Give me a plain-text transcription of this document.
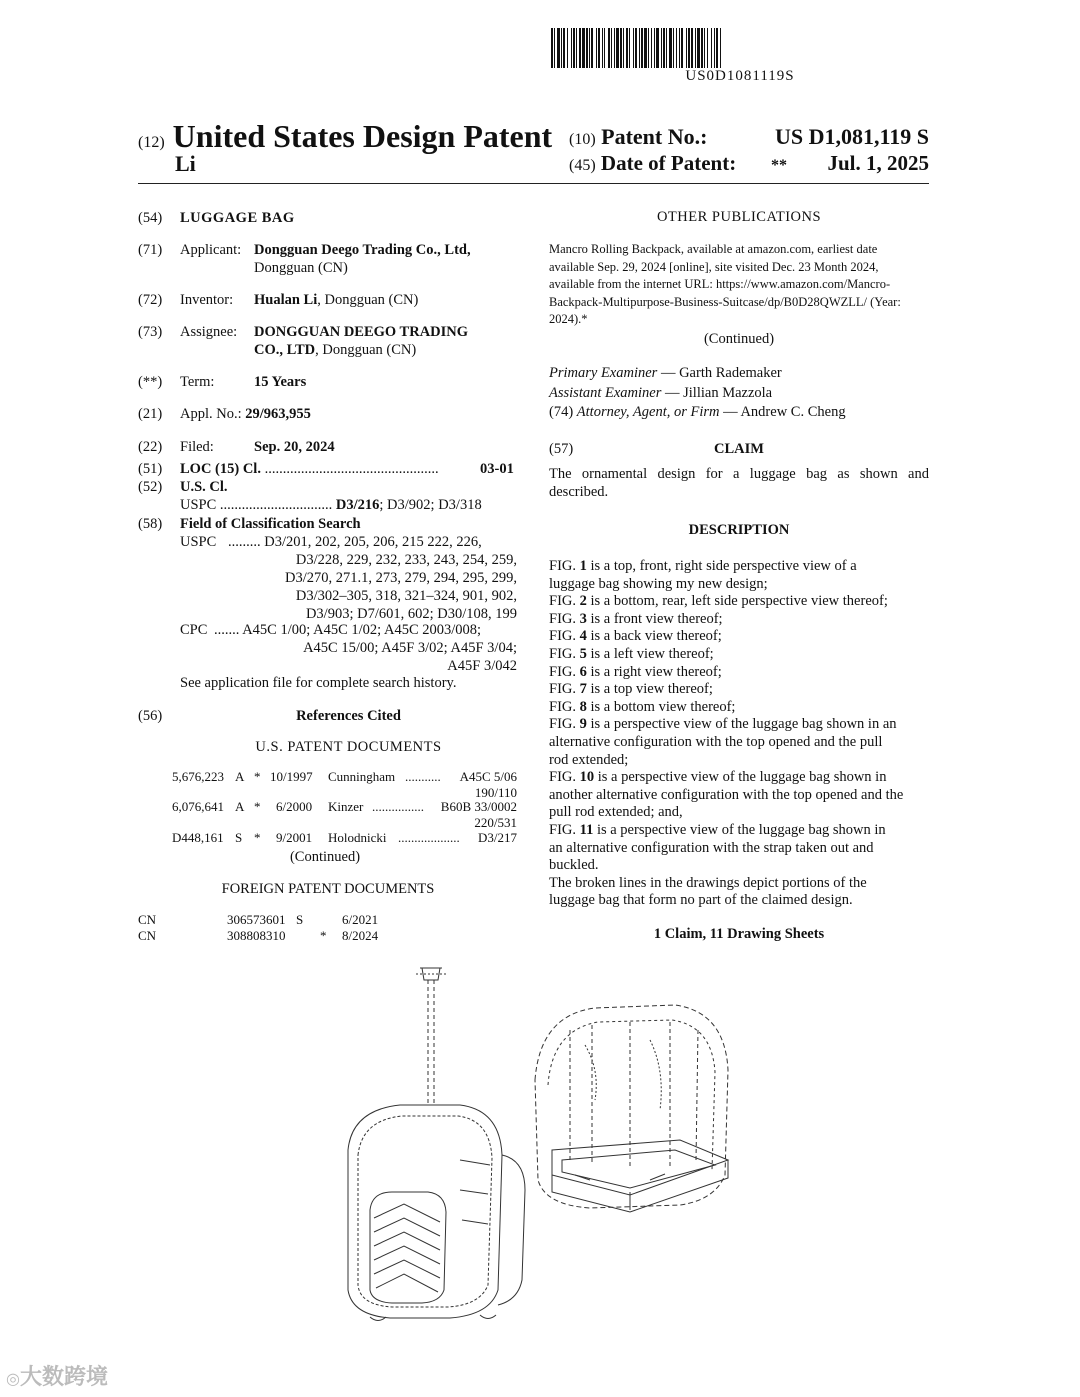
US0D1081119S
(12) United States Design Patent
Li
(10) Patent No.:	US D1,081,119 S
(45) Date of Patent: ** Jul. 1, 2025
(54) LUGGAGE BAG
(71) Applicant: Dongguan Deego Trading Co., Ltd,
Dongguan (CN)
(72) Inventor: Hualan Li, Dongguan (CN)
(73) Assignee: DONGGUAN DEEGO TRADING
CO., LTD, Dongguan (CN)
(**) Term:	15 Years
(21) Appl. No.: 29/963,955
(22) Filed:	Sep. 20, 2024
(51) LOC (15) Cl. ................................................	03-01
(52) U.S. Cl.
USPC ............................... D3/216; D3/902; D3/318
(58) Field of Classification Search
USPC ......... D3/201, 202, 205, 206, 215 222, 226,
D3/228, 229, 232, 233, 243, 254, 259,
D3/270, 271.1, 273, 279, 294, 295, 299,
D3/302–305, 318, 321–324, 901, 902,
D3/903; D7/601, 602; D30/108, 199
CPC ....... A45C 1/00; A45C 1/02; A45C 2003/008;
A45C 15/00; A45F 3/02; A45F 3/04;
A45F 3/042
See application file for complete search history.
(56)	References Cited
U.S. PATENT DOCUMENTS
5,676,223 A * 10/1997 Cunningham ........... A45C 5/06
190/110
6,076,641 A * 6/2000 Kinzer ................ B60B 33/0002
220/531
D448,161 S * 9/2001 Holodnicki ................... D3/217
(Continued)
FOREIGN PATENT DOCUMENTS
CN	306573601 S	6/2021
CN	308808310	* 8/2024
OTHER PUBLICATIONS
Mancro Rolling Backpack, available at amazon.com, earliest date
available Sep. 29, 2024 [online], site visited Dec. 23 Month 2024,
available from the internet URL: https://www.amazon.com/Mancro-
Backpack-Multipurpose-Business-Suitcase/dp/B0D28QWZLL/ (Year:
2024).*
(Continued)
Primary Examiner — Garth Rademaker
Assistant Examiner — Jillian Mazzola
(74) Attorney, Agent, or Firm — Andrew C. Cheng
(57)	CLAIM
The ornamental design for a luggage bag as shown and
described.
DESCRIPTION
FIG. 1 is a top, front, right side perspective view of a
luggage bag showing my new design;
FIG. 2 is a bottom, rear, left side perspective view thereof;
FIG. 3 is a front view thereof;
FIG. 4 is a back view thereof;
FIG. 5 is a left view thereof;
FIG. 6 is a right view thereof;
FIG. 7 is a top view thereof;
FIG. 8 is a bottom view thereof;
FIG. 9 is a perspective view of the luggage bag shown in an
alternative configuration with the top opened and the pull
rod extended;
FIG. 10 is a perspective view of the luggage bag shown in
another alternative configuration with the top opened and the
pull rod extended; and,
FIG. 11 is a perspective view of the luggage bag shown in
an alternative configuration with the strap taken out and
buckled.
The broken lines in the drawings depict portions of the
luggage bag that form no part of the claimed design.
1 Claim, 11 Drawing Sheets
◎大数跨境
